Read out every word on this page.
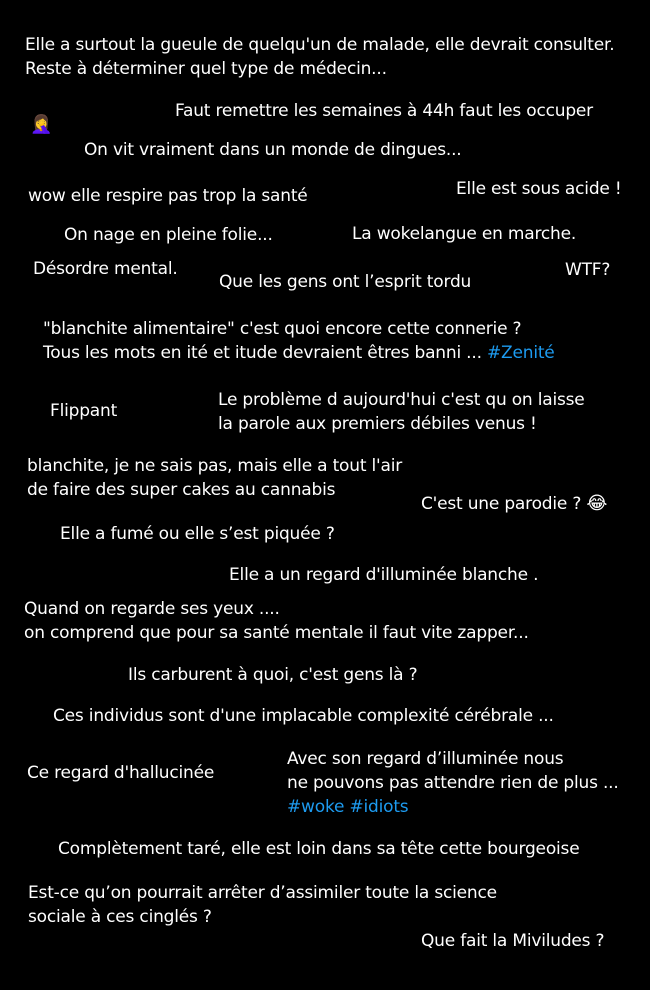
Elle a surtout la gueule de quelqu'un de malade, elle devrait consulter.
Reste à déterminer quel type de médecin...
Faut remettre les semaines à 44h faut les occuper
🤦‍♀️
On vit vraiment dans un monde de dingues...
wow elle respire pas trop la santé	Elle est sous acide !
On nage en pleine folie...	La wokelangue en marche.
Désordre mental.
Que les gens ont l’esprit tordu
WTF?
"blanchite alimentaire" c'est quoi encore cette connerie ?
Tous les mots en ité et itude devraient êtres banni ... #Zenité
Flippant
Le problème d aujourd'hui c'est qu on laisse
la parole aux premiers débiles venus !
blanchite, je ne sais pas, mais elle a tout l'air
de faire des super cakes au cannabis
C'est une parodie ? 😂
Elle a fumé ou elle s’est piquée ?
Elle a un regard d'illuminée blanche .
Quand on regarde ses yeux ....
on comprend que pour sa santé mentale il faut vite zapper...
Ils carburent à quoi, c'est gens là ?
Ces individus sont d'une implacable complexité cérébrale ...
Ce regard d'hallucinée
Avec son regard d’illuminée nous
ne pouvons pas attendre rien de plus ...
#woke #idiots
Complètement taré, elle est loin dans sa tête cette bourgeoise
Est-ce qu’on pourrait arrêter d’assimiler toute la science
sociale à ces cinglés ?
Que fait la Miviludes ?
